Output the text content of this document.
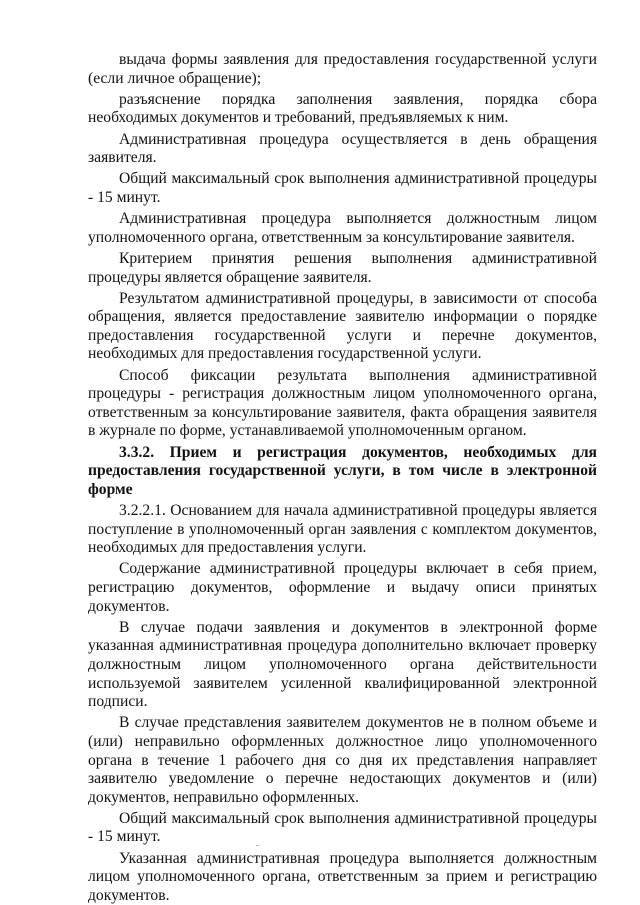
выдача формы заявления для предоставления государственной услуги (если личное обращение);

разъяснение порядка заполнения заявления, порядка сбора необходимых документов и требований, предъявляемых к ним.

Административная процедура осуществляется в день обращения заявителя.

Общий максимальный срок выполнения административной процедуры - 15 минут.

Административная процедура выполняется должностным лицом уполномоченного органа, ответственным за консультирование заявителя.

Критерием принятия решения выполнения административной процедуры является обращение заявителя.

Результатом административной процедуры, в зависимости от способа обращения, является предоставление заявителю информации о порядке предоставления государственной услуги и перечне документов, необходимых для предоставления государственной услуги.

Способ фиксации результата выполнения административной процедуры - регистрация должностным лицом уполномоченного органа, ответственным за консультирование заявителя, факта обращения заявителя в журнале по форме, устанавливаемой уполномоченным органом.

3.3.2. Прием и регистрация документов, необходимых для предоставления государственной услуги, в том числе в электронной форме

3.2.2.1. Основанием для начала административной процедуры является поступление в уполномоченный орган заявления с комплектом документов, необходимых для предоставления услуги.

Содержание административной процедуры включает в себя прием, регистрацию документов, оформление и выдачу описи принятых документов.

В случае подачи заявления и документов в электронной форме указанная административная процедура дополнительно включает проверку должностным лицом уполномоченного органа действительности используемой заявителем усиленной квалифицированной электронной подписи.

В случае представления заявителем документов не в полном объеме и (или) неправильно оформленных должностное лицо уполномоченного органа в течение 1 рабочего дня со дня их представления направляет заявителю уведомление о перечне недостающих документов и (или) документов, неправильно оформленных.

Общий максимальный срок выполнения административной процедуры - 15 минут.

Указанная административная процедура выполняется должностным лицом уполномоченного органа, ответственным за прием и регистрацию документов.
